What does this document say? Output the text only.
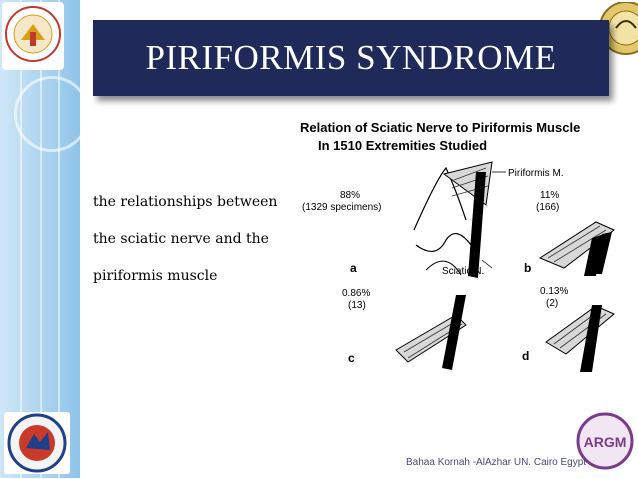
PIRIFORMIS SYNDROME
the relationships between
the sciatic nerve and the
piriformis muscle
Relation of Sciatic Nerve to Piriformis Muscle
In 1510 Extremities Studied
Piriformis M.
Sciatic N.
88%
(1329 specimens)
a
11%
(166)
b
0.86%
(13)
c
0.13%
(2)
d
ARGM
Bahaa Kornah -AlAzhar UN. Cairo Egypt
